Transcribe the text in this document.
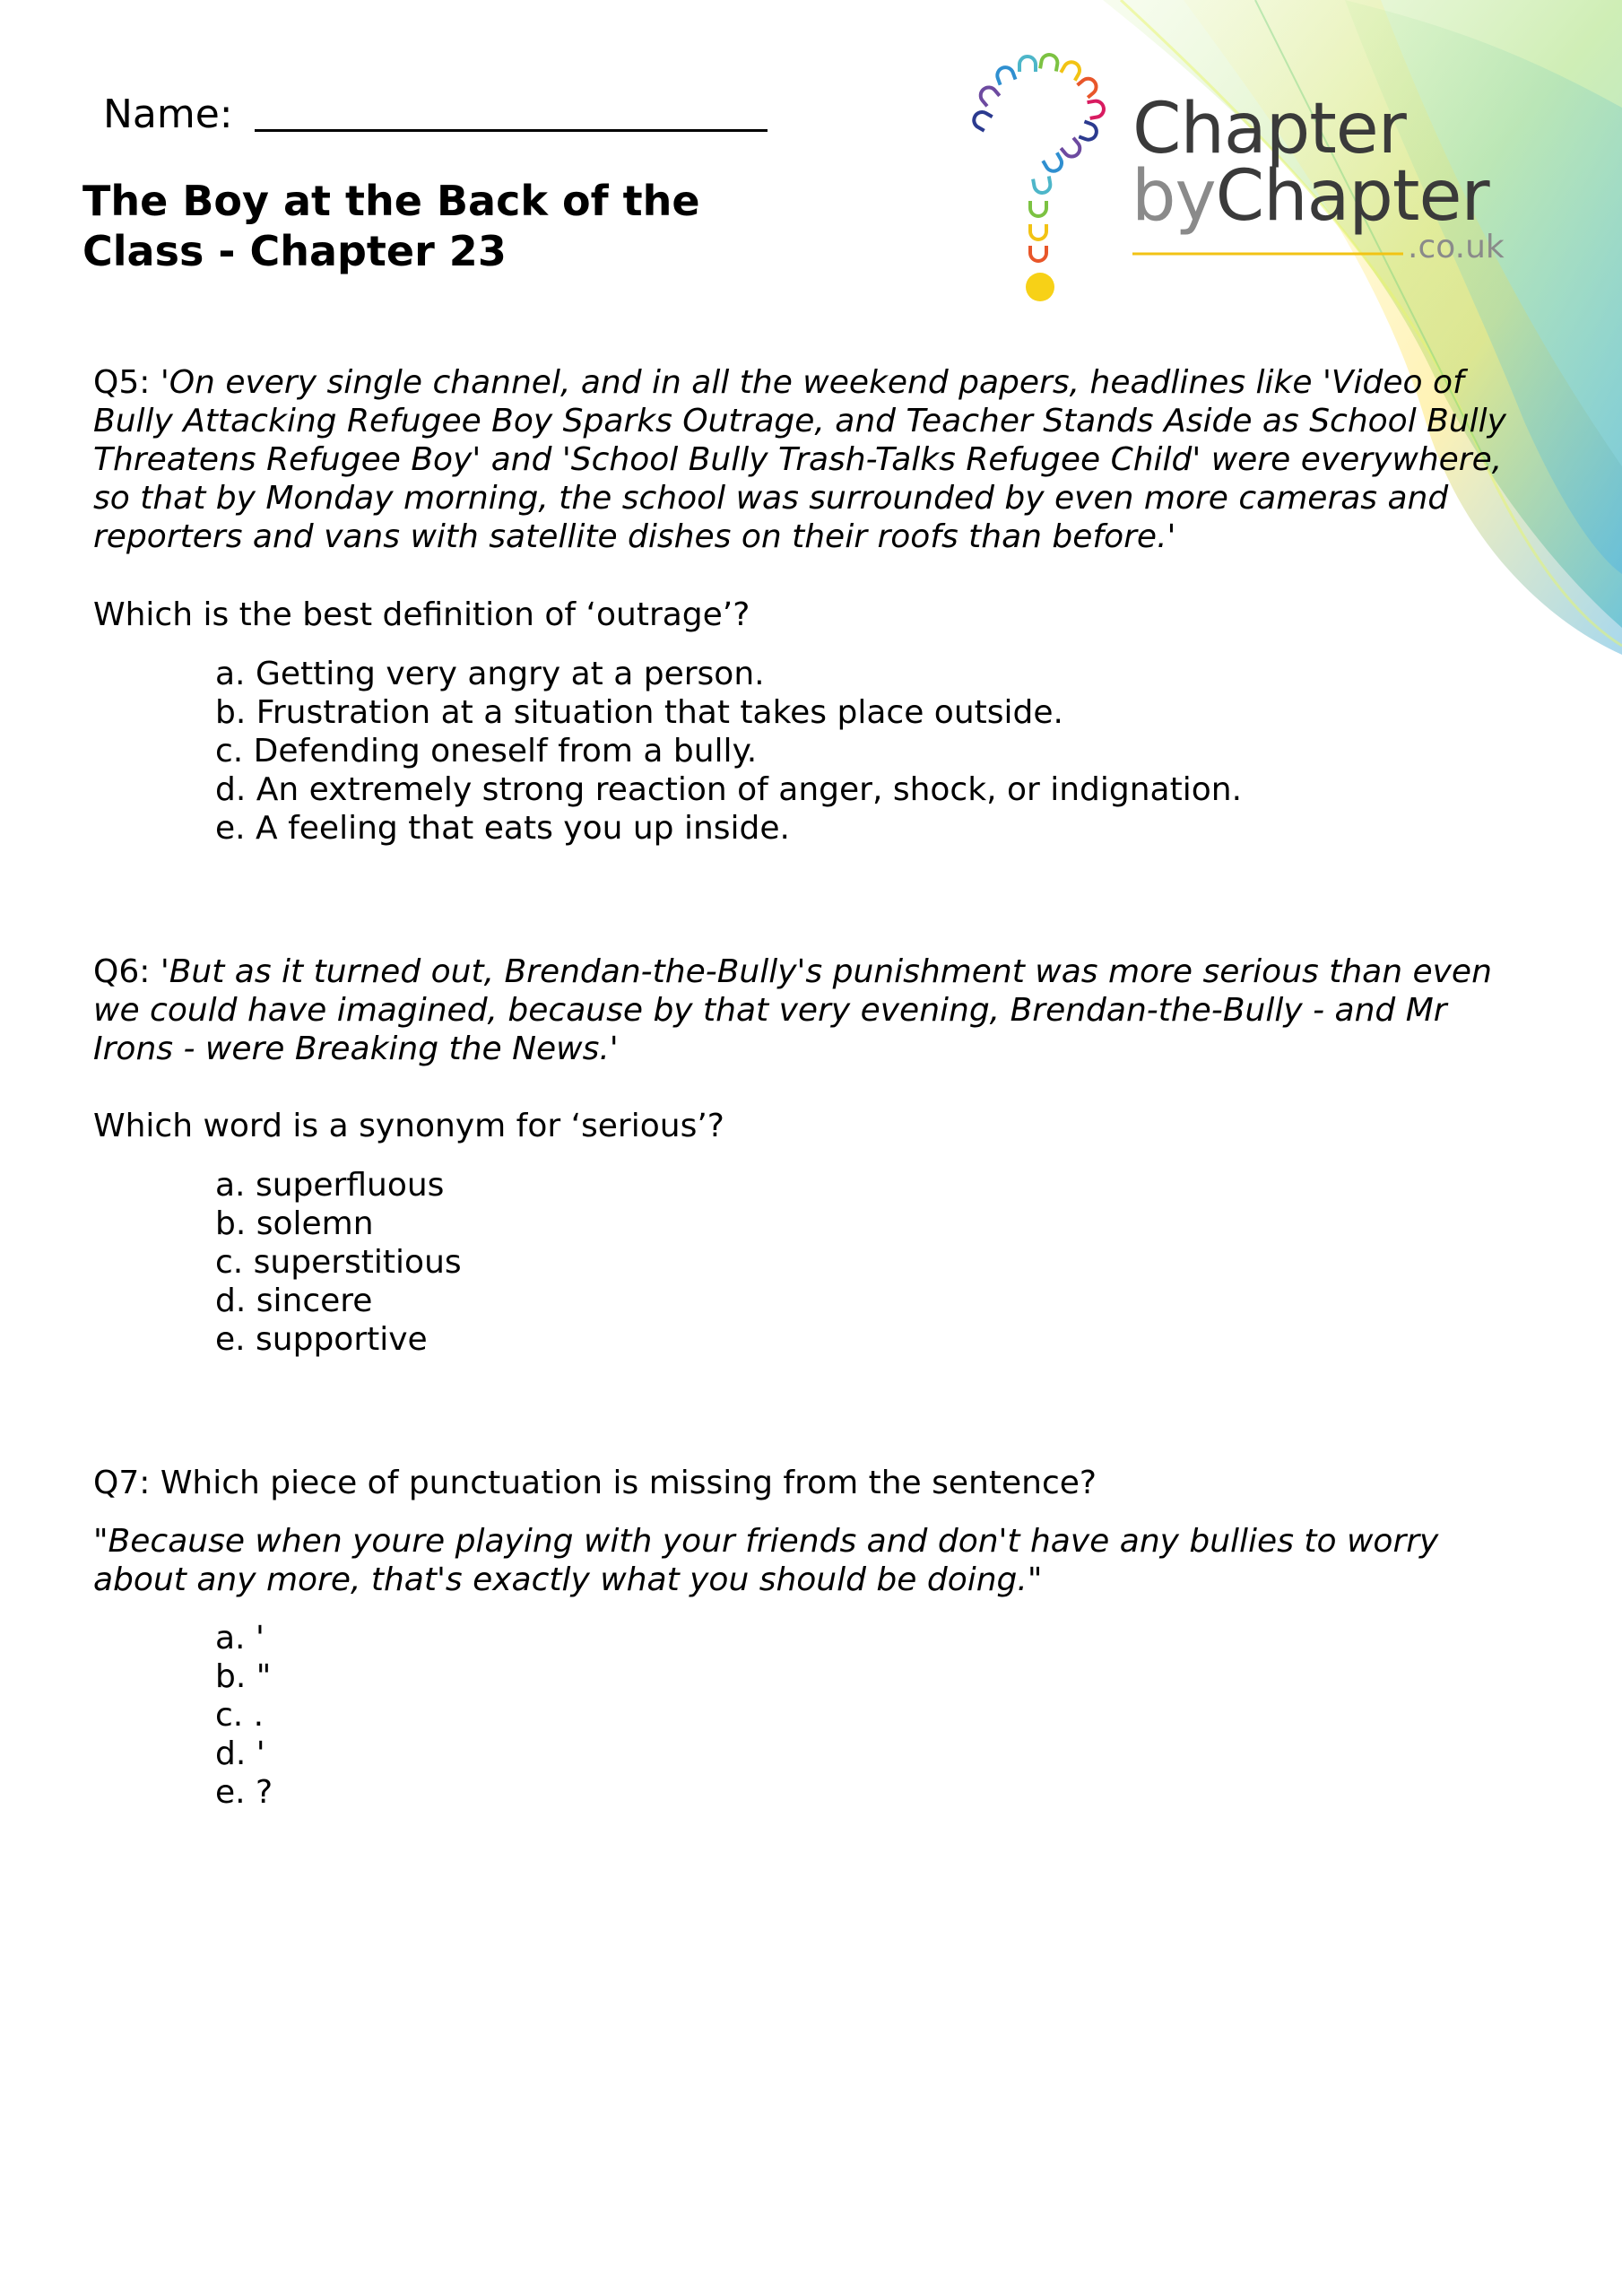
Name:
The Boy at the Back of the Class - Chapter 23
Chapter
byChapter
.co.uk
Q5: 'On every single channel, and in all the weekend papers, headlines like 'Video of Bully Attacking Refugee Boy Sparks Outrage, and Teacher Stands Aside as School Bully Threatens Refugee Boy' and 'School Bully Trash-Talks Refugee Child' were everywhere, so that by Monday morning, the school was surrounded by even more cameras and reporters and vans with satellite dishes on their roofs than before.'
Which is the best definition of ‘outrage’?
a. Getting very angry at a person.
b. Frustration at a situation that takes place outside.
c. Defending oneself from a bully.
d. An extremely strong reaction of anger, shock, or indignation.
e. A feeling that eats you up inside.
Q6: 'But as it turned out, Brendan-the-Bully's punishment was more serious than even we could have imagined, because by that very evening, Brendan-the-Bully - and Mr Irons - were Breaking the News.'
Which word is a synonym for ‘serious’?
a. superfluous
b. solemn
c. superstitious
d. sincere
e. supportive
Q7: Which piece of punctuation is missing from the sentence?
"Because when youre playing with your friends and don't have any bullies to worry about any more, that's exactly what you should be doing."
a. '
b. "
c. .
d. '
e. ?
